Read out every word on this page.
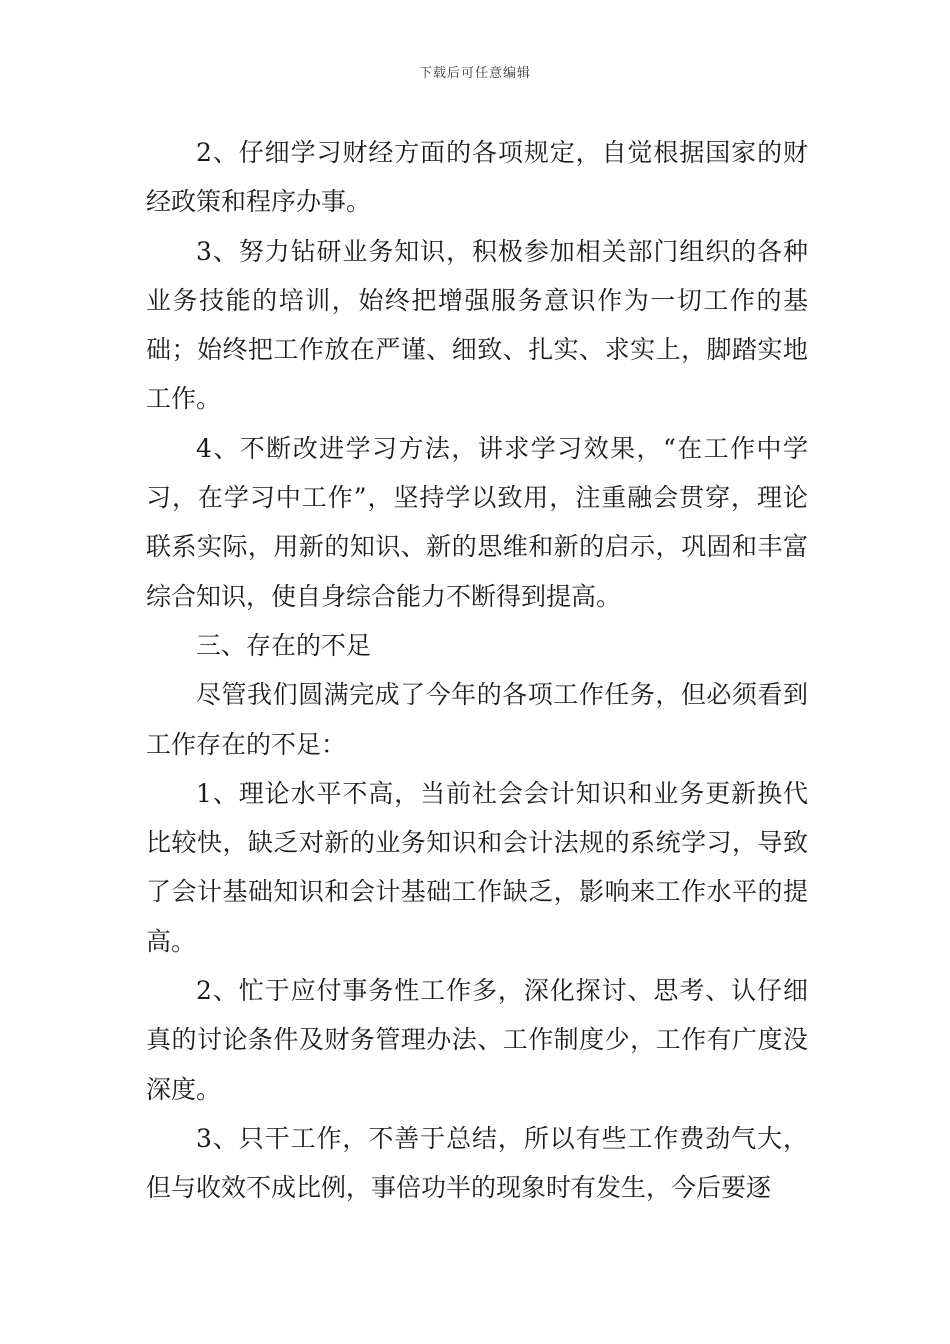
下载后可任意编辑

2、仔细学习财经方面的各项规定，自觉根据国家的财经政策和程序办事。

3、努力钻研业务知识，积极参加相关部门组织的各种业务技能的培训，始终把增强服务意识作为一切工作的基础；始终把工作放在严谨、细致、扎实、求实上，脚踏实地工作。

4、不断改进学习方法，讲求学习效果，“在工作中学习，在学习中工作”，坚持学以致用，注重融会贯穿，理论联系实际，用新的知识、新的思维和新的启示，巩固和丰富综合知识，使自身综合能力不断得到提高。

三、存在的不足

尽管我们圆满完成了今年的各项工作任务，但必须看到工作存在的不足：

1、理论水平不高，当前社会会计知识和业务更新换代比较快，缺乏对新的业务知识和会计法规的系统学习，导致了会计基础知识和会计基础工作缺乏，影响来工作水平的提高。

2、忙于应付事务性工作多，深化探讨、思考、认仔细真的讨论条件及财务管理办法、工作制度少，工作有广度没深度。

3、只干工作，不善于总结，所以有些工作费劲气大，但与收效不成比例，事倍功半的现象时有发生，今后要逐
